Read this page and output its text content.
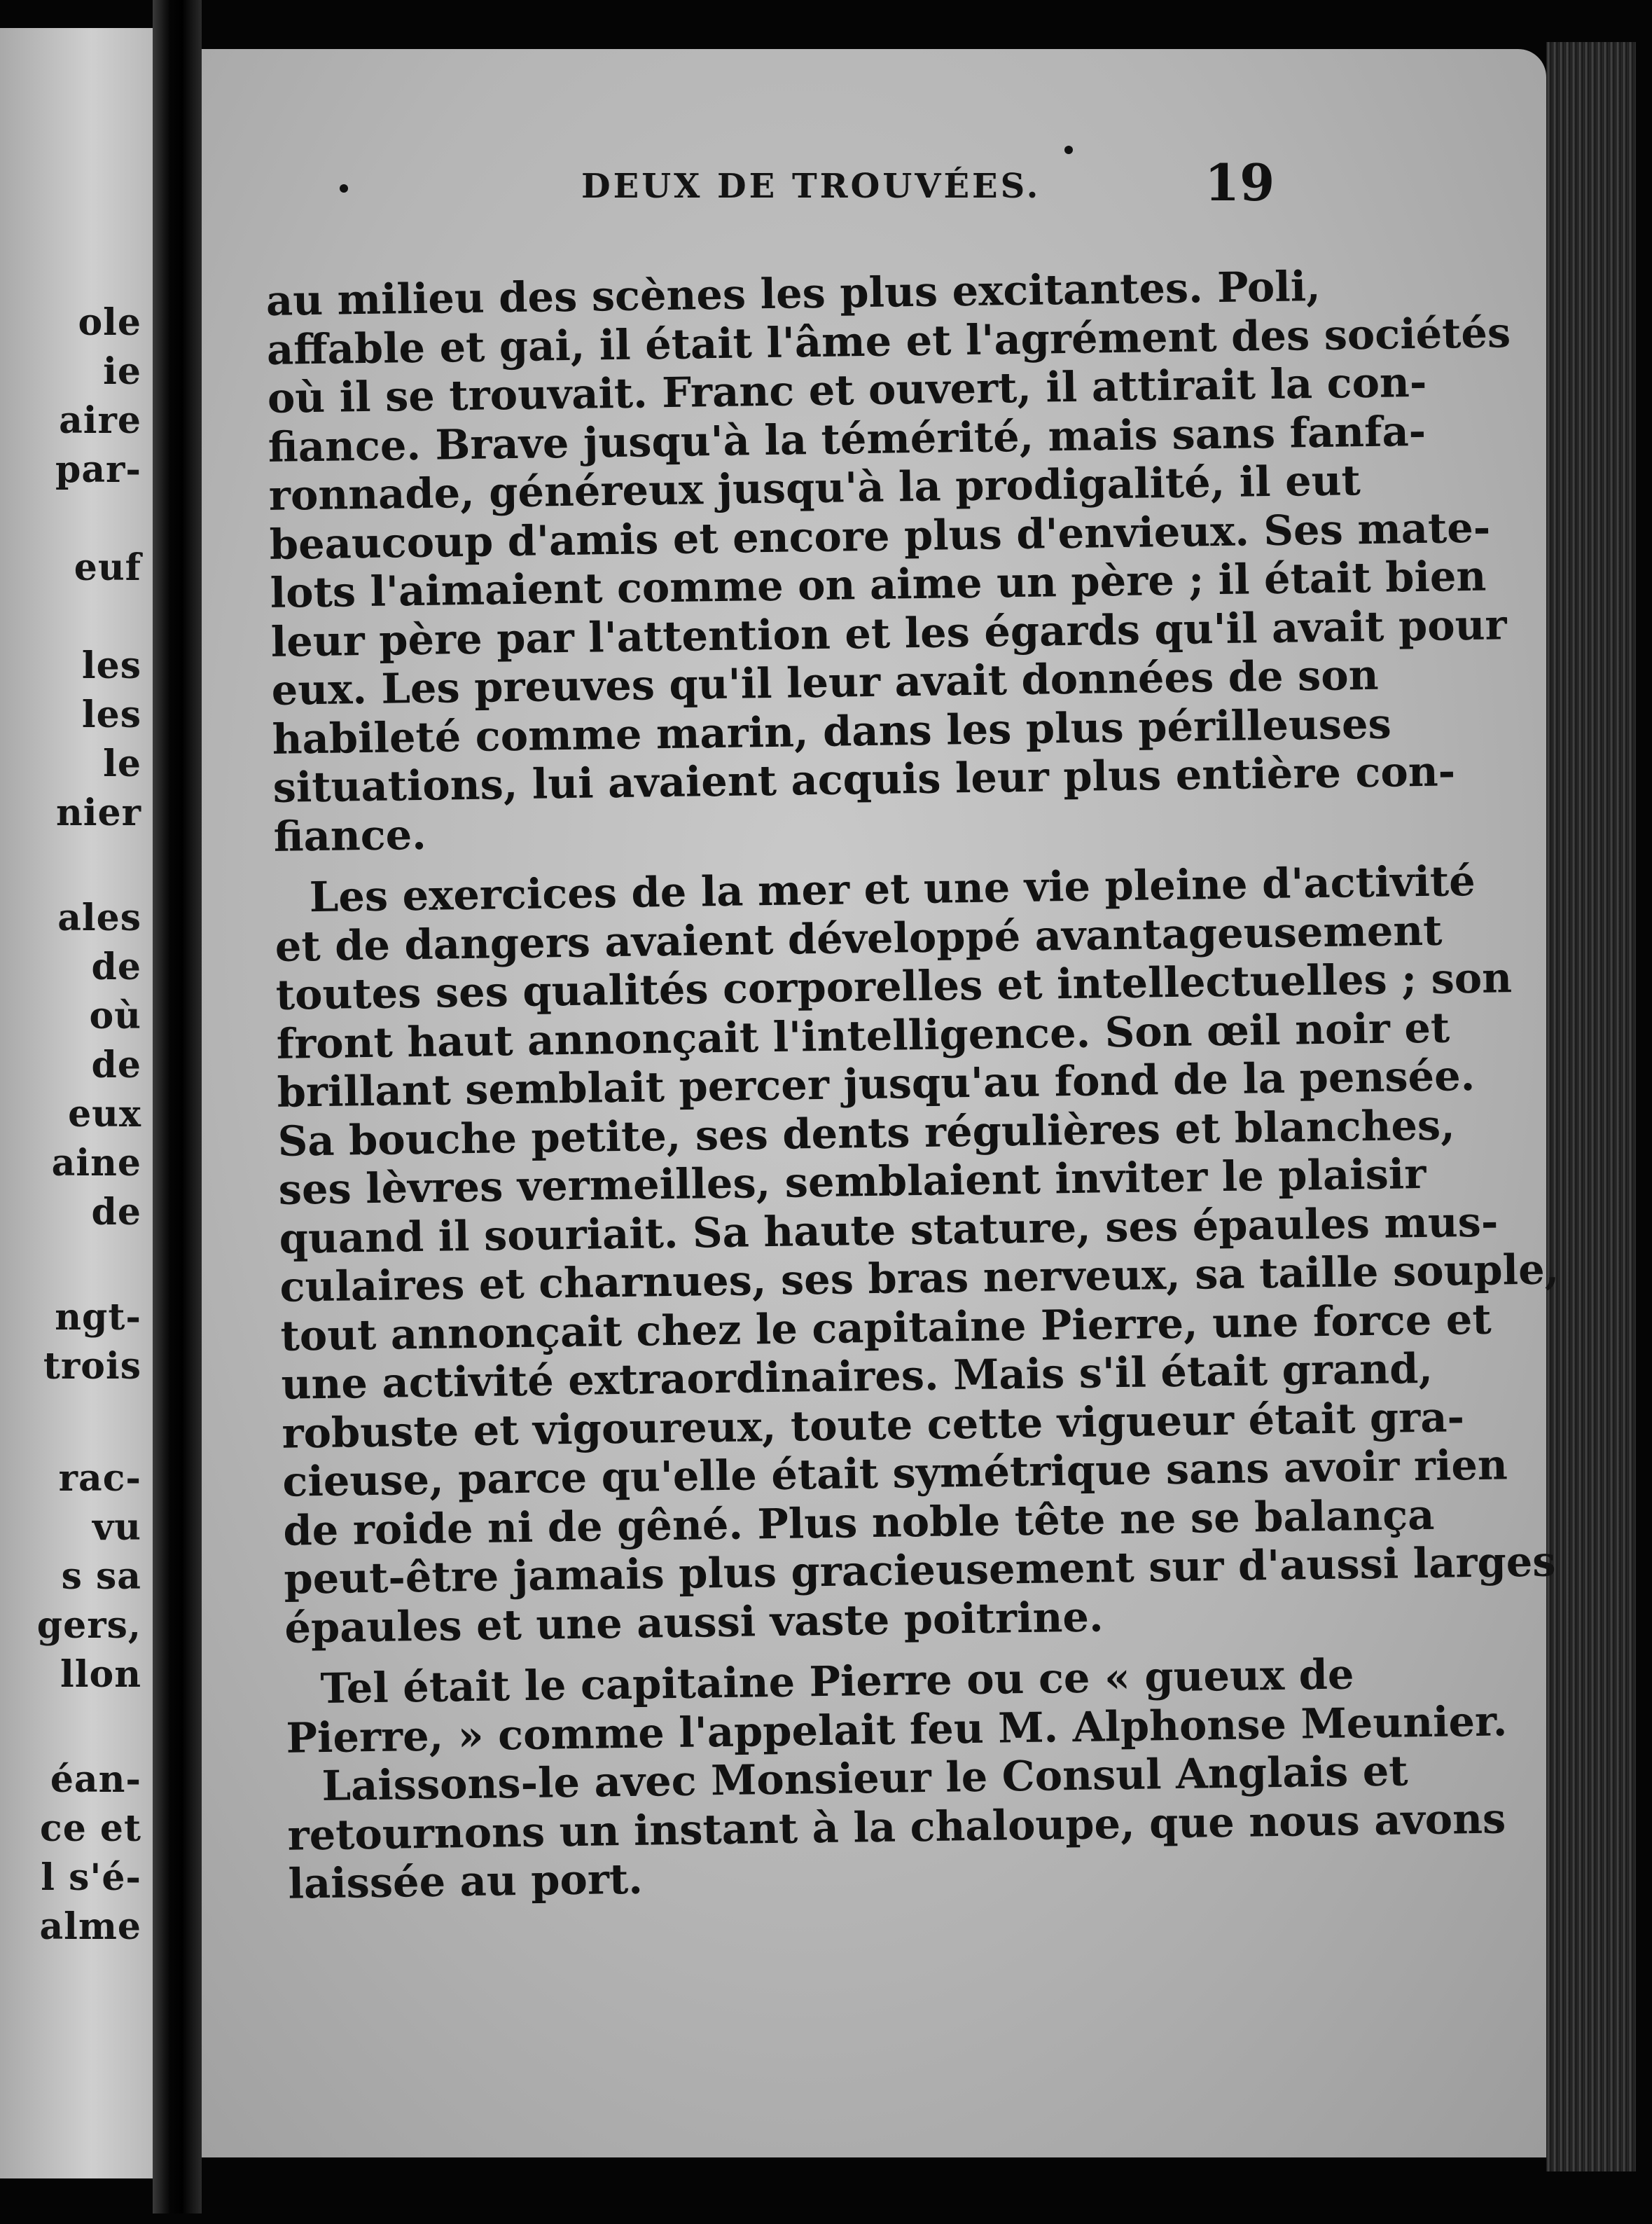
ole
ie
aire
par-
euf
les
les
le
nier
ales
de
où
de
eux
aine
de
ngt-
trois
rac-
vu
s sa
gers,
llon
éan-
ce et
l s'é-
alme
DEUX DE TROUVÉES.	19
au milieu des scènes les plus excitantes. Poli,
affable et gai, il était l'âme et l'agrément des sociétés
où il se trouvait. Franc et ouvert, il attirait la con-
fiance. Brave jusqu'à la témérité, mais sans fanfa-
ronnade, généreux jusqu'à la prodigalité, il eut
beaucoup d'amis et encore plus d'envieux. Ses mate-
lots l'aimaient comme on aime un père ; il était bien
leur père par l'attention et les égards qu'il avait pour
eux. Les preuves qu'il leur avait données de son
habileté comme marin, dans les plus périlleuses
situations, lui avaient acquis leur plus entière con-
fiance.
Les exercices de la mer et une vie pleine d'activité
et de dangers avaient développé avantageusement
toutes ses qualités corporelles et intellectuelles ; son
front haut annonçait l'intelligence. Son œil noir et
brillant semblait percer jusqu'au fond de la pensée.
Sa bouche petite, ses dents régulières et blanches,
ses lèvres vermeilles, semblaient inviter le plaisir
quand il souriait. Sa haute stature, ses épaules mus-
culaires et charnues, ses bras nerveux, sa taille souple,
tout annonçait chez le capitaine Pierre, une force et
une activité extraordinaires. Mais s'il était grand,
robuste et vigoureux, toute cette vigueur était gra-
cieuse, parce qu'elle était symétrique sans avoir rien
de roide ni de gêné. Plus noble tête ne se balança
peut-être jamais plus gracieusement sur d'aussi larges
épaules et une aussi vaste poitrine.
Tel était le capitaine Pierre ou ce « gueux de
Pierre, » comme l'appelait feu M. Alphonse Meunier.
Laissons-le avec Monsieur le Consul Anglais et
retournons un instant à la chaloupe, que nous avons
laissée au port.
